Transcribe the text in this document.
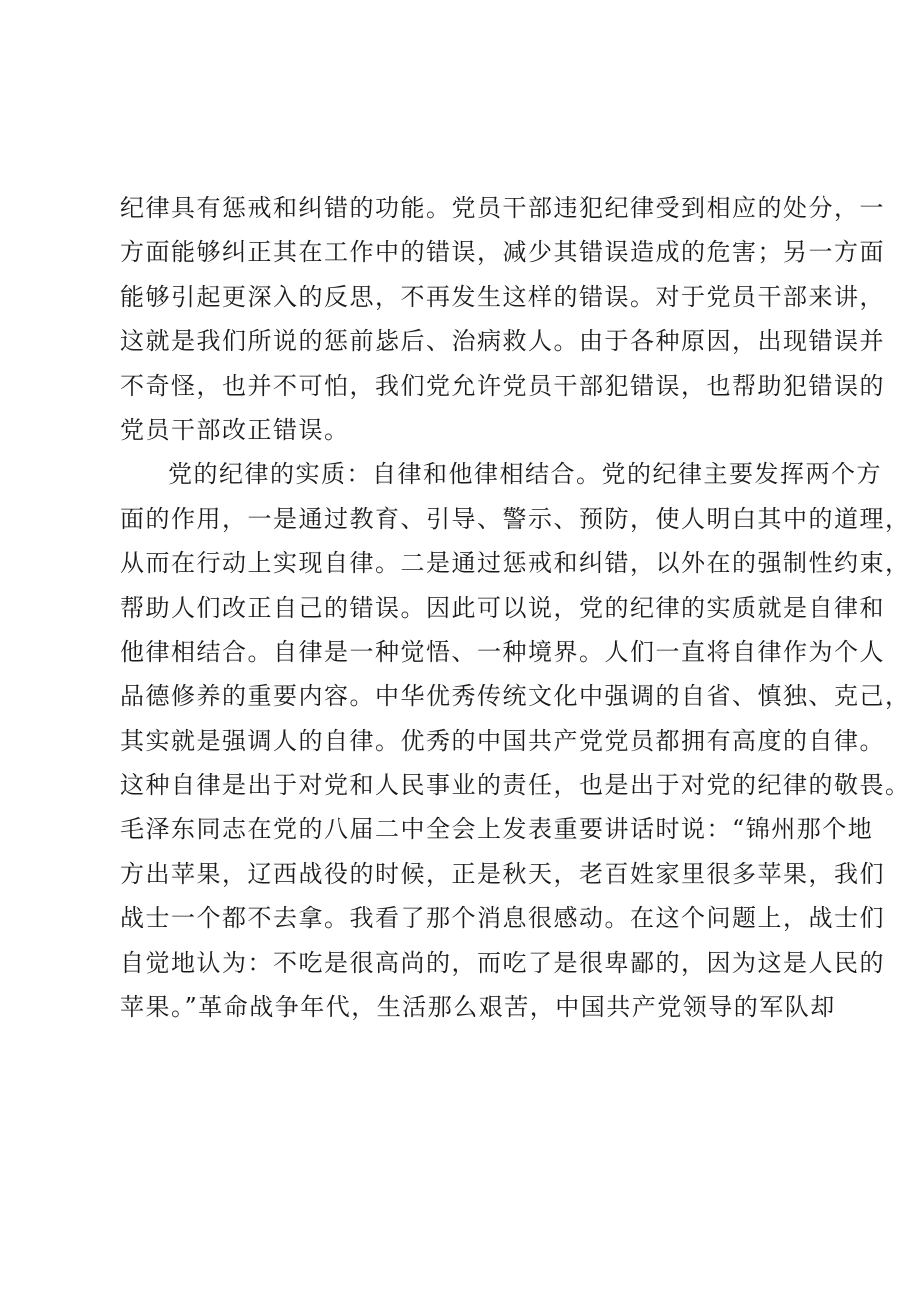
纪律具有惩戒和纠错的功能。党员干部违犯纪律受到相应的处分，一
方面能够纠正其在工作中的错误，减少其错误造成的危害；另一方面
能够引起更深入的反思，不再发生这样的错误。对于党员干部来讲，
这就是我们所说的惩前毖后、治病救人。由于各种原因，出现错误并
不奇怪，也并不可怕，我们党允许党员干部犯错误，也帮助犯错误的
党员干部改正错误。
党的纪律的实质：自律和他律相结合。党的纪律主要发挥两个方
面的作用，一是通过教育、引导、警示、预防，使人明白其中的道理，
从而在行动上实现自律。二是通过惩戒和纠错，以外在的强制性约束，
帮助人们改正自己的错误。因此可以说，党的纪律的实质就是自律和
他律相结合。自律是一种觉悟、一种境界。人们一直将自律作为个人
品德修养的重要内容。中华优秀传统文化中强调的自省、慎独、克己，
其实就是强调人的自律。优秀的中国共产党党员都拥有高度的自律。
这种自律是出于对党和人民事业的责任，也是出于对党的纪律的敬畏。
毛泽东同志在党的八届二中全会上发表重要讲话时说：“锦州那个地
方出苹果，辽西战役的时候，正是秋天，老百姓家里很多苹果，我们
战士一个都不去拿。我看了那个消息很感动。在这个问题上，战士们
自觉地认为：不吃是很高尚的，而吃了是很卑鄙的，因为这是人民的
苹果。”革命战争年代，生活那么艰苦，中国共产党领导的军队却
